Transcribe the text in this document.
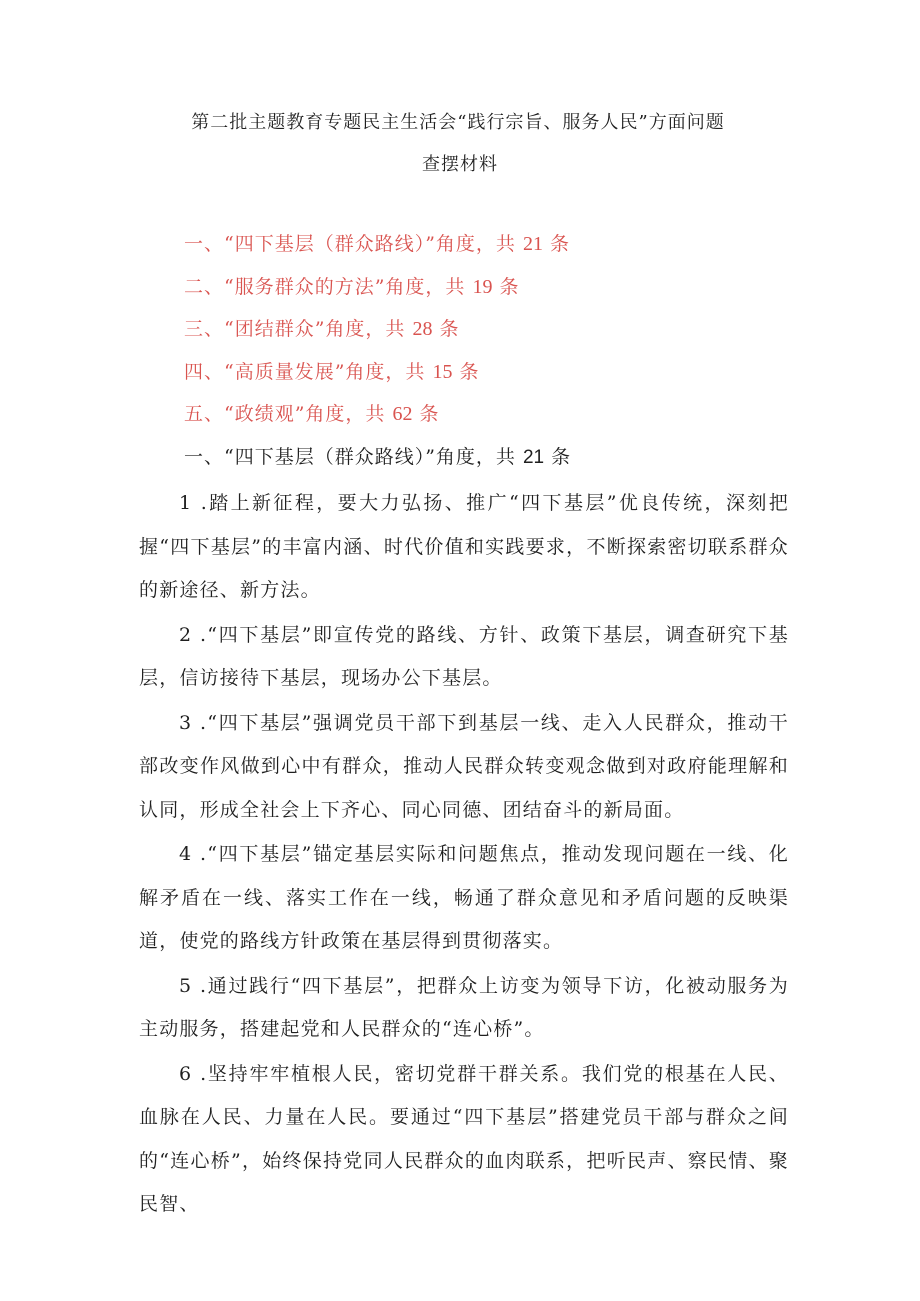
第二批主题教育专题民主生活会“践行宗旨、服务人民”方面问题
查摆材料
一、“四下基层（群众路线）”角度，共 21 条
二、“服务群众的方法”角度，共 19 条
三、“团结群众”角度，共 28 条
四、“高质量发展”角度，共 15 条
五、“政绩观”角度，共 62 条
一、“四下基层（群众路线）”角度，共 21 条

1 .踏上新征程，要大力弘扬、推广“四下基层”优良传统，深刻把握“四下基层”的丰富内涵、时代价值和实践要求，不断探索密切联系群众的新途径、新方法。

2 .“四下基层”即宣传党的路线、方针、政策下基层，调查研究下基层，信访接待下基层，现场办公下基层。

3 .“四下基层”强调党员干部下到基层一线、走入人民群众，推动干部改变作风做到心中有群众，推动人民群众转变观念做到对政府能理解和认同，形成全社会上下齐心、同心同德、团结奋斗的新局面。

4 .“四下基层”锚定基层实际和问题焦点，推动发现问题在一线、化解矛盾在一线、落实工作在一线，畅通了群众意见和矛盾问题的反映渠道，使党的路线方针政策在基层得到贯彻落实。

5 .通过践行“四下基层”，把群众上访变为领导下访，化被动服务为主动服务，搭建起党和人民群众的“连心桥”。

6 .坚持牢牢植根人民，密切党群干群关系。我们党的根基在人民、血脉在人民、力量在人民。要通过“四下基层”搭建党员干部与群众之间的“连心桥”，始终保持党同人民群众的血肉联系，把听民声、察民情、聚民智、
